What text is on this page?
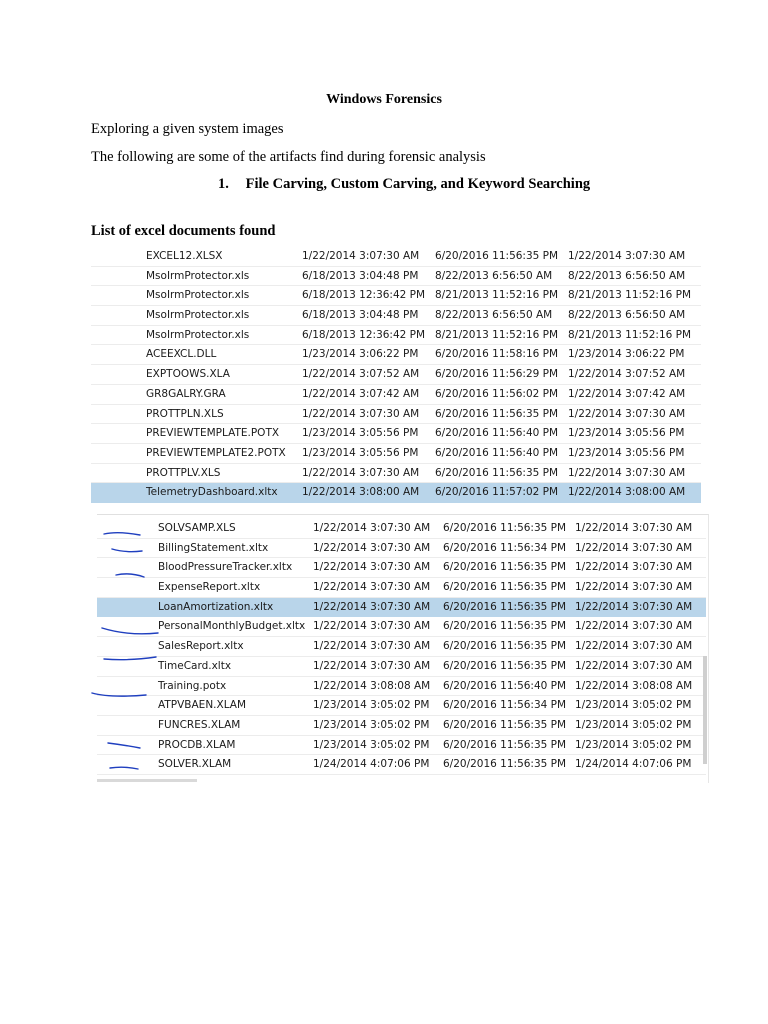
Windows Forensics
Exploring a given system images
The following are some of the artifacts find during forensic analysis
1. File Carving, Custom Carving, and Keyword Searching
List of excel documents found
EXCEL12.XLSX	1/22/2014 3:07:30 AM 6/20/2016 11:56:35 PM 1/22/2014 3:07:30 AM
MsoIrmProtector.xls	6/18/2013 3:04:48 PM 8/22/2013 6:56:50 AM 8/22/2013 6:56:50 AM
MsoIrmProtector.xls	6/18/2013 12:36:42 PM 8/21/2013 11:52:16 PM 8/21/2013 11:52:16 PM
MsoIrmProtector.xls	6/18/2013 3:04:48 PM 8/22/2013 6:56:50 AM 8/22/2013 6:56:50 AM
MsoIrmProtector.xls	6/18/2013 12:36:42 PM 8/21/2013 11:52:16 PM 8/21/2013 11:52:16 PM
ACEEXCL.DLL	1/23/2014 3:06:22 PM 6/20/2016 11:58:16 PM 1/23/2014 3:06:22 PM
EXPTOOWS.XLA	1/22/2014 3:07:52 AM 6/20/2016 11:56:29 PM 1/22/2014 3:07:52 AM
GR8GALRY.GRA	1/22/2014 3:07:42 AM 6/20/2016 11:56:02 PM 1/22/2014 3:07:42 AM
PROTTPLN.XLS	1/22/2014 3:07:30 AM 6/20/2016 11:56:35 PM 1/22/2014 3:07:30 AM
PREVIEWTEMPLATE.POTX 1/23/2014 3:05:56 PM 6/20/2016 11:56:40 PM 1/23/2014 3:05:56 PM
PREVIEWTEMPLATE2.POTX 1/23/2014 3:05:56 PM 6/20/2016 11:56:40 PM 1/23/2014 3:05:56 PM
PROTTPLV.XLS	1/22/2014 3:07:30 AM 6/20/2016 11:56:35 PM 1/22/2014 3:07:30 AM
TelemetryDashboard.xltx 1/22/2014 3:08:00 AM 6/20/2016 11:57:02 PM 1/22/2014 3:08:00 AM
SOLVSAMP.XLS	1/22/2014 3:07:30 AM 6/20/2016 11:56:35 PM 1/22/2014 3:07:30 AM
BillingStatement.xltx	1/22/2014 3:07:30 AM 6/20/2016 11:56:34 PM 1/22/2014 3:07:30 AM
BloodPressureTracker.xltx 1/22/2014 3:07:30 AM 6/20/2016 11:56:35 PM 1/22/2014 3:07:30 AM
ExpenseReport.xltx	1/22/2014 3:07:30 AM 6/20/2016 11:56:35 PM 1/22/2014 3:07:30 AM
LoanAmortization.xltx	1/22/2014 3:07:30 AM 6/20/2016 11:56:35 PM 1/22/2014 3:07:30 AM
PersonalMonthlyBudget.xltx 1/22/2014 3:07:30 AM 6/20/2016 11:56:35 PM 1/22/2014 3:07:30 AM
SalesReport.xltx	1/22/2014 3:07:30 AM 6/20/2016 11:56:35 PM 1/22/2014 3:07:30 AM
TimeCard.xltx	1/22/2014 3:07:30 AM 6/20/2016 11:56:35 PM 1/22/2014 3:07:30 AM
Training.potx	1/22/2014 3:08:08 AM 6/20/2016 11:56:40 PM 1/22/2014 3:08:08 AM
ATPVBAEN.XLAM	1/23/2014 3:05:02 PM 6/20/2016 11:56:34 PM 1/23/2014 3:05:02 PM
FUNCRES.XLAM	1/23/2014 3:05:02 PM 6/20/2016 11:56:35 PM 1/23/2014 3:05:02 PM
PROCDB.XLAM	1/23/2014 3:05:02 PM 6/20/2016 11:56:35 PM 1/23/2014 3:05:02 PM
SOLVER.XLAM	1/24/2014 4:07:06 PM 6/20/2016 11:56:35 PM 1/24/2014 4:07:06 PM
